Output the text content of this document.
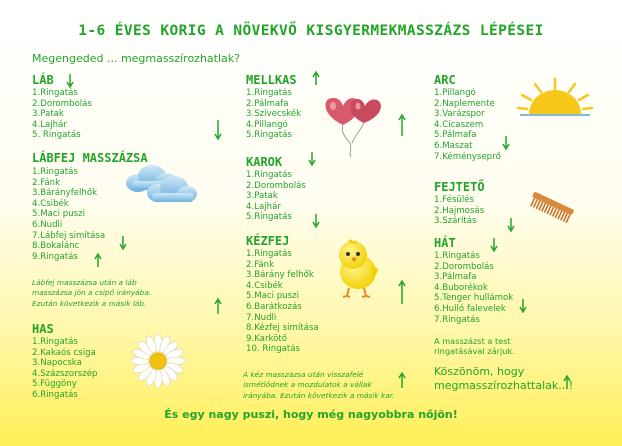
1-6 ÉVES KORIG A NÖVEKVŐ KISGYERMEKMASSZÁZS LÉPÉSEI
Megengeded ... megmasszírozhatlak?
LÁB
1.Ringatás
2.Dorombolás
3.Patak
4.Lajhár
5. Ringatás
LÁBFEJ MASSZÁZSA
1.Ringatás
2.Fánk
3.Bárányfelhők
4.Csibék
5.Maci puszi
6.Nudli
7.Lábfej simítása
8.Bokalánc
9.Ringatás
Lábfej masszázsa után a láb
masszázsa jön a csípő irányába.
Ezután következik a másik láb.
HAS
1.Ringatás
2.Kakaós csiga
3.Napocska
4.Százszorszép
5.Függöny
6.Ringatás
MELLKAS
1.Ringatás
2.Pálmafa
3.Szívecskék
4.Pillangó
5.Ringatás
KAROK
1.Ringatás
2.Dorombolás
3.Patak
4.Lajhár
5.Ringatás
KÉZFEJ
1.Ringatás
2.Fánk
3.Bárány felhők
4.Csibék
5.Maci puszi
6.Barátkozás
7.Nudli
8.Kézfej simítása
9.Karkötő
10. Ringatás
A kéz masszázsa után visszafelé
ismétlődnek a mozdulatok a vállak
irányába. Ezután következik a másik kar.
ARC
1.Pillangó
2.Naplemente
3.Varázspor
4.Cicaszem
5.Pálmafa
6.Maszat
7.Kéményseprő
FEJTETŐ
1.Fésülés
2.Hajmosás
3.Szárítás
HÁT
1.Ringatás
2.Dorombolás
3.Pálmafa
4.Buborékok
5.Tenger hullámok
6.Hulló falevelek
7.Ringatás
A masszázst a test
ringatásával zárjuk.
Köszönöm, hogy
megmasszírozhattalak...!
És egy nagy puszi, hogy még nagyobbra nőjön!
